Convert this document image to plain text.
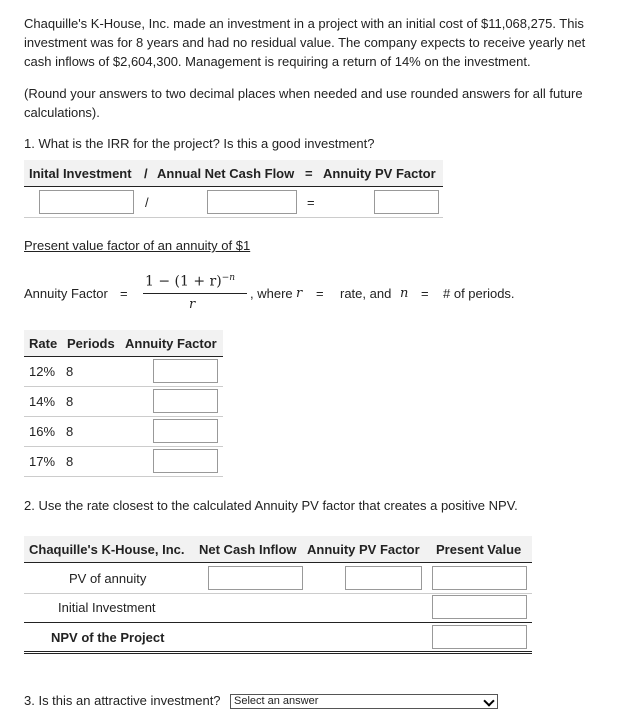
Chaquille's K-House, Inc. made an investment in a project with an initial cost of $11,068,275. This investment was for 8 years and had no residual value. The company expects to receive yearly net cash inflows of $2,604,300. Management is requiring a return of 14% on the investment.
(Round your answers to two decimal places when needed and use rounded answers for all future calculations).
1. What is the IRR for the project? Is this a good investment?
Inital Investment / Annual Net Cash Flow = Annuity PV Factor
/	=
Present value factor of an annuity of $1
Annuity Factor =
$1 - (1 + r)^{-n}$
r
, where r = rate, and n = # of periods.
Rate Periods Annuity Factor
12% 8
14% 8
16% 8
17% 8
2. Use the rate closest to the calculated Annuity PV factor that creates a positive NPV.
Chaquille's K-House, Inc. Net Cash Inflow Annuity PV Factor Present Value
PV of annuity
Initial Investment
NPV of the Project
3. Is this an attractive investment?	Select an answer
